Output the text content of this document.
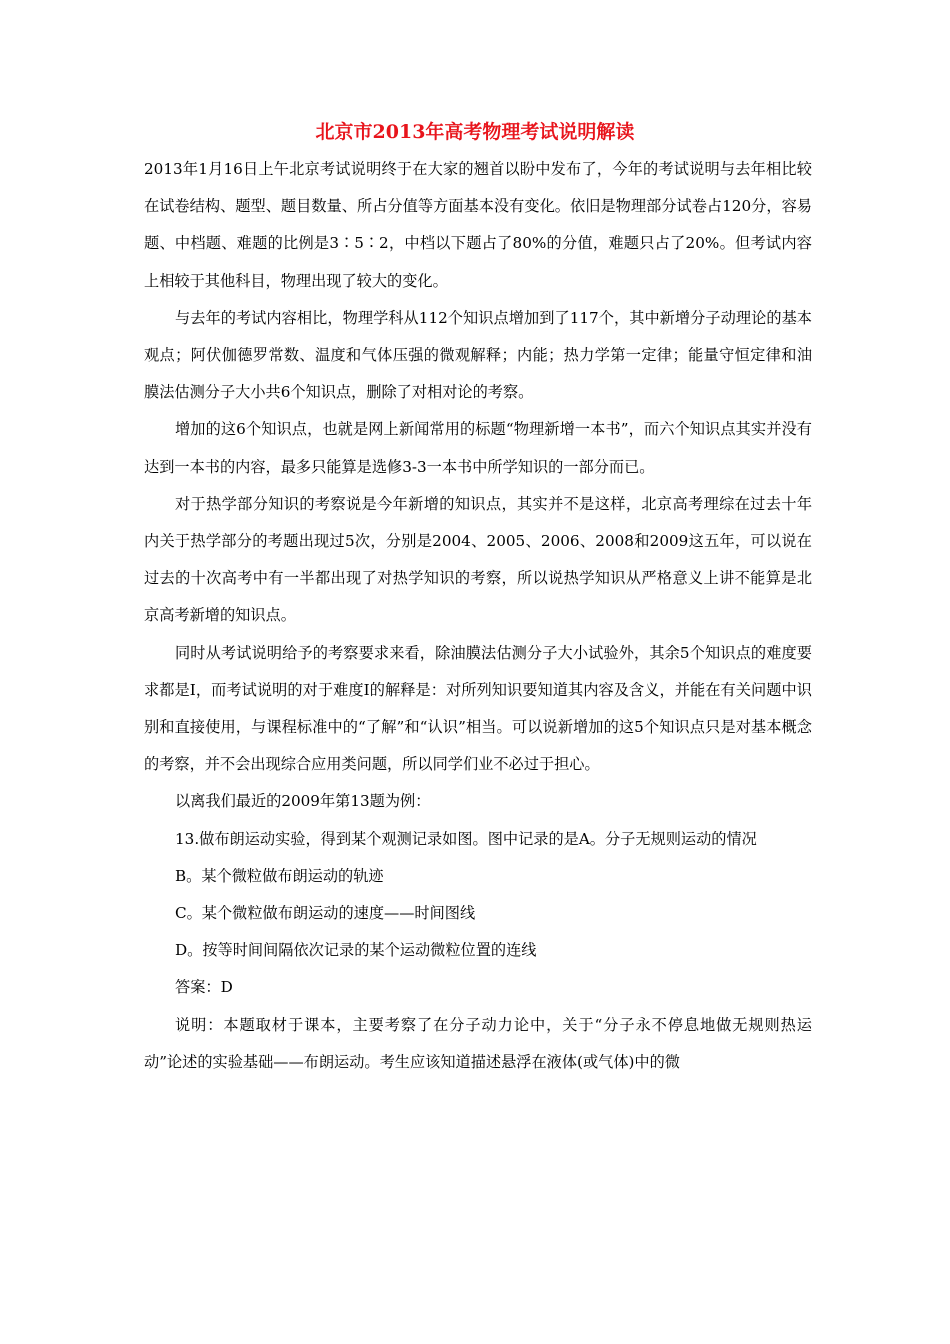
北京市2013年高考物理考试说明解读

2013年1月16日上午北京考试说明终于在大家的翘首以盼中发布了，今年的考试说明与去年相比较在试卷结构、题型、题目数量、所占分值等方面基本没有变化。依旧是物理部分试卷占120分，容易题、中档题、难题的比例是3∶5∶2，中档以下题占了80%的分值，难题只占了20%。但考试内容上相较于其他科目，物理出现了较大的变化。

与去年的考试内容相比，物理学科从112个知识点增加到了117个，其中新增分子动理论的基本观点；阿伏伽德罗常数、温度和气体压强的微观解释；内能；热力学第一定律；能量守恒定律和油膜法估测分子大小共6个知识点，删除了对相对论的考察。

增加的这6个知识点，也就是网上新闻常用的标题“物理新增一本书”，而六个知识点其实并没有达到一本书的内容，最多只能算是选修3-3一本书中所学知识的一部分而已。

对于热学部分知识的考察说是今年新增的知识点，其实并不是这样，北京高考理综在过去十年内关于热学部分的考题出现过5次，分别是2004、2005、2006、2008和2009这五年，可以说在过去的十次高考中有一半都出现了对热学知识的考察，所以说热学知识从严格意义上讲不能算是北京高考新增的知识点。

同时从考试说明给予的考察要求来看，除油膜法估测分子大小试验外，其余5个知识点的难度要求都是I，而考试说明的对于难度I的解释是：对所列知识要知道其内容及含义，并能在有关问题中识别和直接使用，与课程标准中的“了解”和“认识”相当。可以说新增加的这5个知识点只是对基本概念的考察，并不会出现综合应用类问题，所以同学们业不必过于担心。

以离我们最近的2009年第13题为例：

13.做布朗运动实验，得到某个观测记录如图。图中记录的是A。分子无规则运动的情况

B。某个微粒做布朗运动的轨迹

C。某个微粒做布朗运动的速度——时间图线

D。按等时间间隔依次记录的某个运动微粒位置的连线

答案：D

说明：本题取材于课本，主要考察了在分子动力论中，关于“分子永不停息地做无规则热运动”论述的实验基础——布朗运动。考生应该知道描述悬浮在液体(或气体)中的微
